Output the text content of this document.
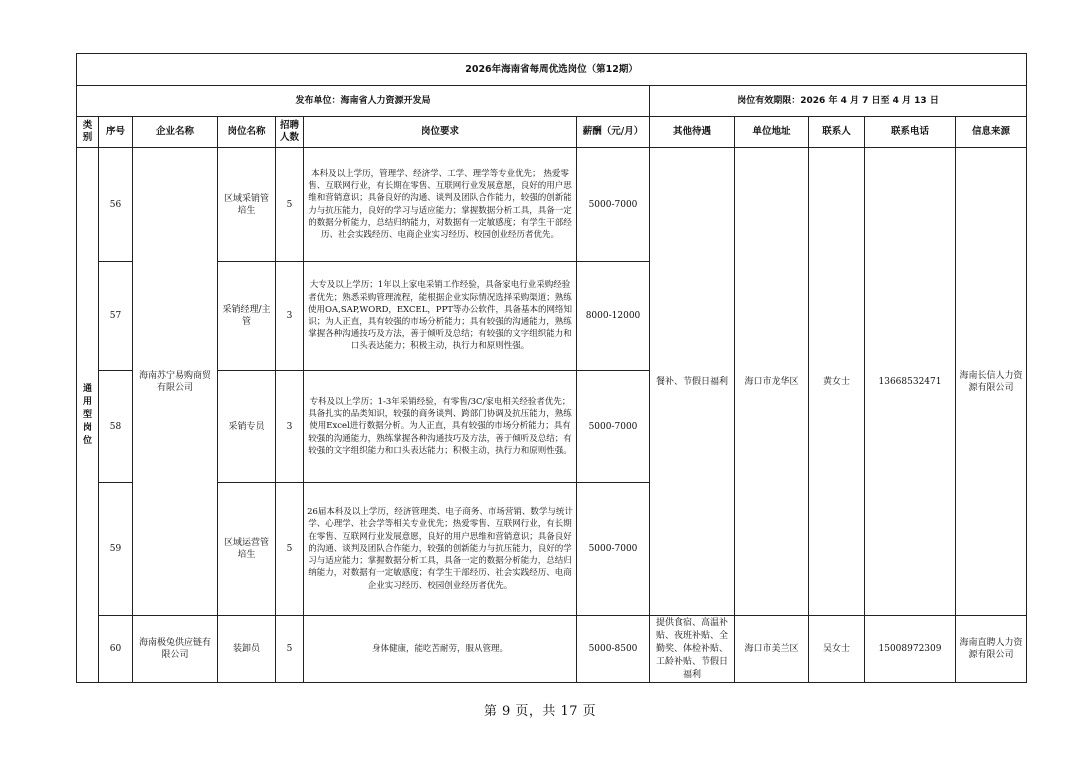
2026年海南省每周优选岗位（第12期）											
发布单位：海南省人力资源开发局							岗位有效期限：2026 年 4 月 7 日至 4 月 13 日				
类别	序号	企业名称	岗位名称	招聘人数	岗位要求	薪酬（元/月）	其他待遇	单位地址	联系人	联系电话	信息来源
通用型岗位	56	海南苏宁易购商贸有限公司	区域采销管培生	5	本科及以上学历，管理学、经济学、工学、理学等专业优先； 热爱零售、互联网行业，有长期在零售、互联网行业发展意愿，良好的用户思维和营销意识；具备良好的沟通、谈判及团队合作能力，较强的创新能力与抗压能力，良好的学习与适应能力；掌握数据分析工具，具备一定的数据分析能力，总结归纳能力，对数据有一定敏感度；有学生干部经历、社会实践经历、电商企业实习经历、校园创业经历者优先。	5000-7000	餐补、节假日福利	海口市龙华区	黄女士	13668532471	海南长信人力资源有限公司
	57		采销经理/主管	3	大专及以上学历；1年以上家电采销工作经验，具备家电行业采购经验者优先；熟悉采购管理流程，能根据企业实际情况选择采购渠道；熟练使用OA,SAP,WORD，EXCEL，PPT等办公软件，具备基本的网络知识；为人正直，具有较强的市场分析能力；具有较强的沟通能力，熟练掌握各种沟通技巧及方法，善于倾听及总结；有较强的文字组织能力和口头表达能力；积极主动，执行力和原则性强。	8000-12000					
	58		采销专员	3	专科及以上学历；1-3年采销经验，有零售/3C/家电相关经验者优先；具备扎实的品类知识，较强的商务谈判、跨部门协调及抗压能力，熟练使用Excel进行数据分析。为人正直，具有较强的市场分析能力；具有较强的沟通能力，熟练掌握各种沟通技巧及方法，善于倾听及总结；有较强的文字组织能力和口头表达能力；积极主动，执行力和原则性强。	5000-7000					
	59		区域运营管培生	5	26届本科及以上学历，经济管理类、电子商务、市场营销、数学与统计学、心理学、社会学等相关专业优先；热爱零售、互联网行业，有长期在零售、互联网行业发展意愿，良好的用户思维和营销意识；具备良好的沟通、谈判及团队合作能力，较强的创新能力与抗压能力，良好的学习与适应能力；掌握数据分析工具，具备一定的数据分析能力，总结归纳能力，对数据有一定敏感度；有学生干部经历、社会实践经历、电商企业实习经历、校园创业经历者优先。	5000-7000					
	60	海南极兔供应链有限公司	装卸员	5	身体健康，能吃苦耐劳，服从管理。	5000-8500	提供食宿、高温补贴、夜班补贴、全勤奖、体检补贴、工龄补贴、节假日福利	海口市美兰区	吴女士	15008972309	海南直聘人力资源有限公司
第 9 页，共 17 页
